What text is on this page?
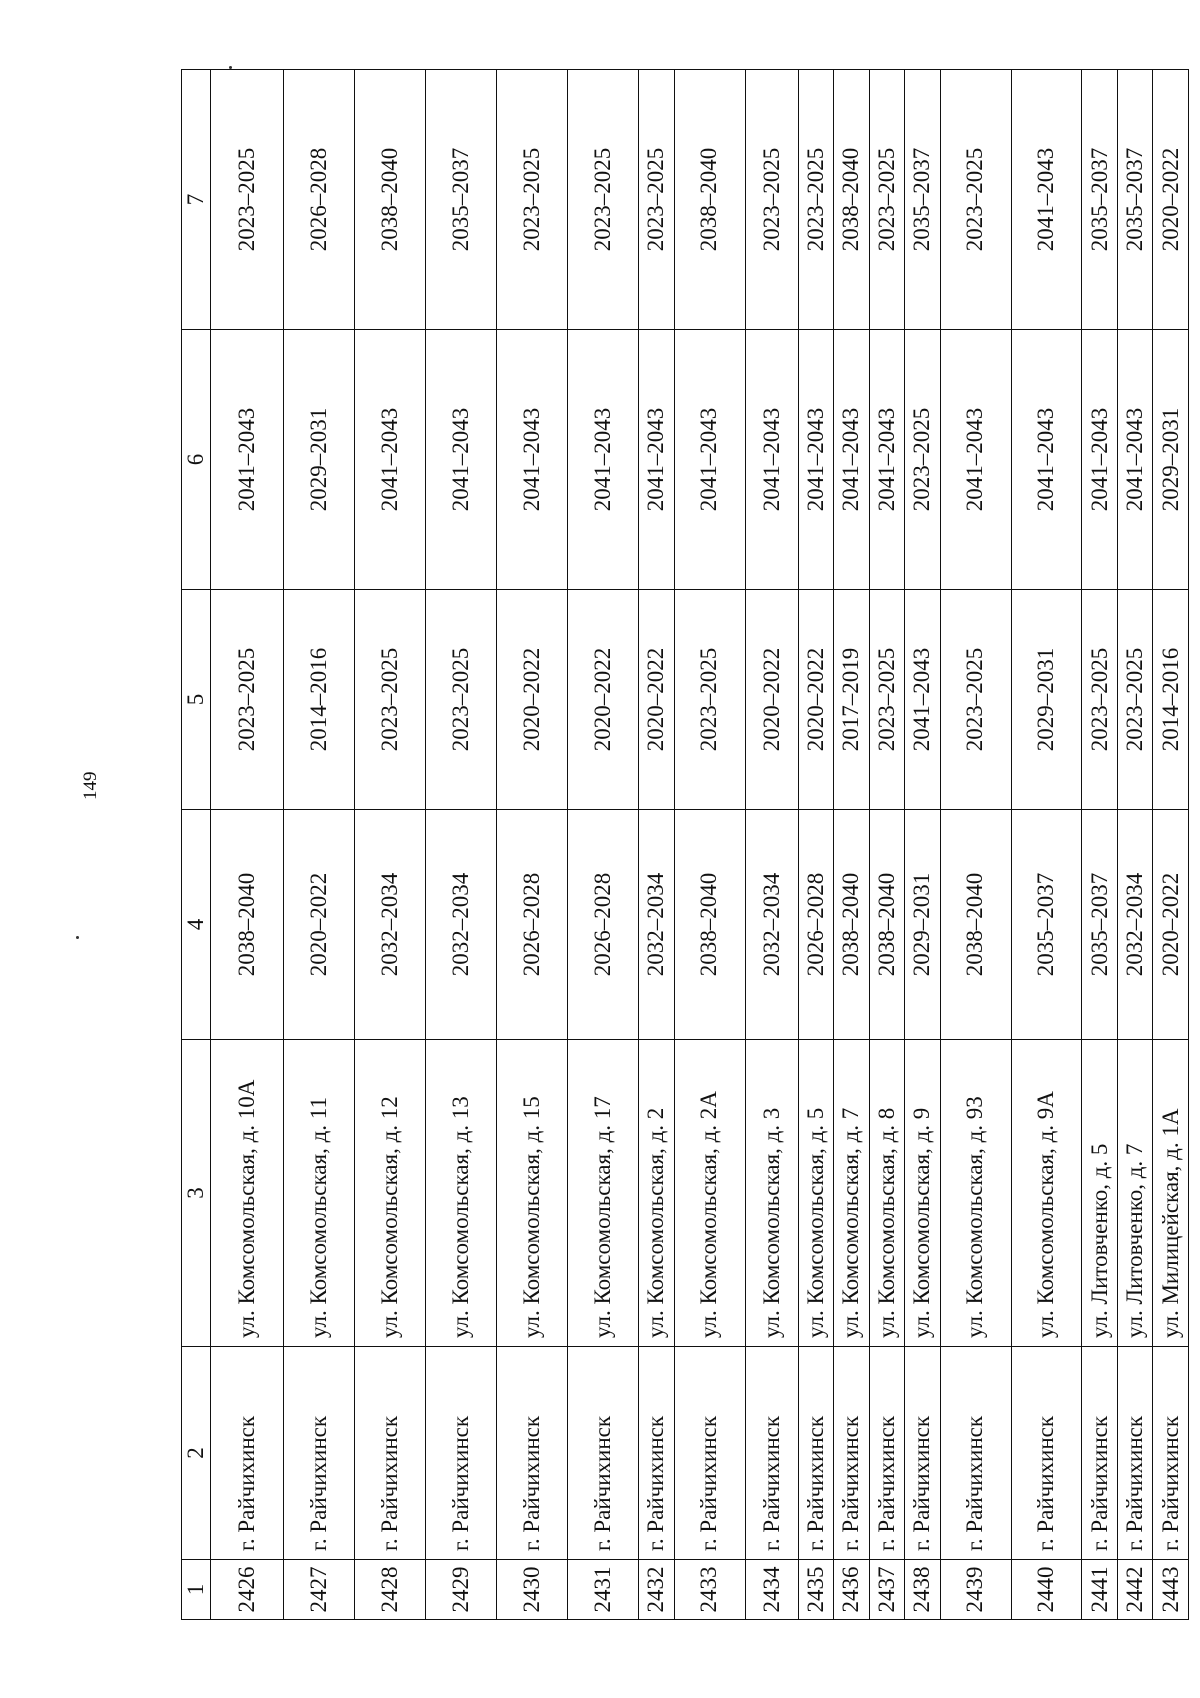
149
1	2	3	4	5	6	7
2426	г. Райчихинск	ул. Комсомольская, д. 10А	2038–2040	2023–2025	2041–2043	2023–2025
2427	г. Райчихинск	ул. Комсомольская, д. 11	2020–2022	2014–2016	2029–2031	2026–2028
2428	г. Райчихинск	ул. Комсомольская, д. 12	2032–2034	2023–2025	2041–2043	2038–2040
2429	г. Райчихинск	ул. Комсомольская, д. 13	2032–2034	2023–2025	2041–2043	2035–2037
2430	г. Райчихинск	ул. Комсомольская, д. 15	2026–2028	2020–2022	2041–2043	2023–2025
2431	г. Райчихинск	ул. Комсомольская, д. 17	2026–2028	2020–2022	2041–2043	2023–2025
2432	г. Райчихинск	ул. Комсомольская, д. 2	2032–2034	2020–2022	2041–2043	2023–2025
2433	г. Райчихинск	ул. Комсомольская, д. 2А	2038–2040	2023–2025	2041–2043	2038–2040
2434	г. Райчихинск	ул. Комсомольская, д. 3	2032–2034	2020–2022	2041–2043	2023–2025
2435	г. Райчихинск	ул. Комсомольская, д. 5	2026–2028	2020–2022	2041–2043	2023–2025
2436	г. Райчихинск	ул. Комсомольская, д. 7	2038–2040	2017–2019	2041–2043	2038–2040
2437	г. Райчихинск	ул. Комсомольская, д. 8	2038–2040	2023–2025	2041–2043	2023–2025
2438	г. Райчихинск	ул. Комсомольская, д. 9	2029–2031	2041–2043	2023–2025	2035–2037
2439	г. Райчихинск	ул. Комсомольская, д. 93	2038–2040	2023–2025	2041–2043	2023–2025
2440	г. Райчихинск	ул. Комсомольская, д. 9А	2035–2037	2029–2031	2041–2043	2041–2043
2441	г. Райчихинск	ул. Литовченко, д. 5	2035–2037	2023–2025	2041–2043	2035–2037
2442	г. Райчихинск	ул. Литовченко, д. 7	2032–2034	2023–2025	2041–2043	2035–2037
2443	г. Райчихинск	ул. Милицейская, д. 1А	2020–2022	2014–2016	2029–2031	2020–2022
